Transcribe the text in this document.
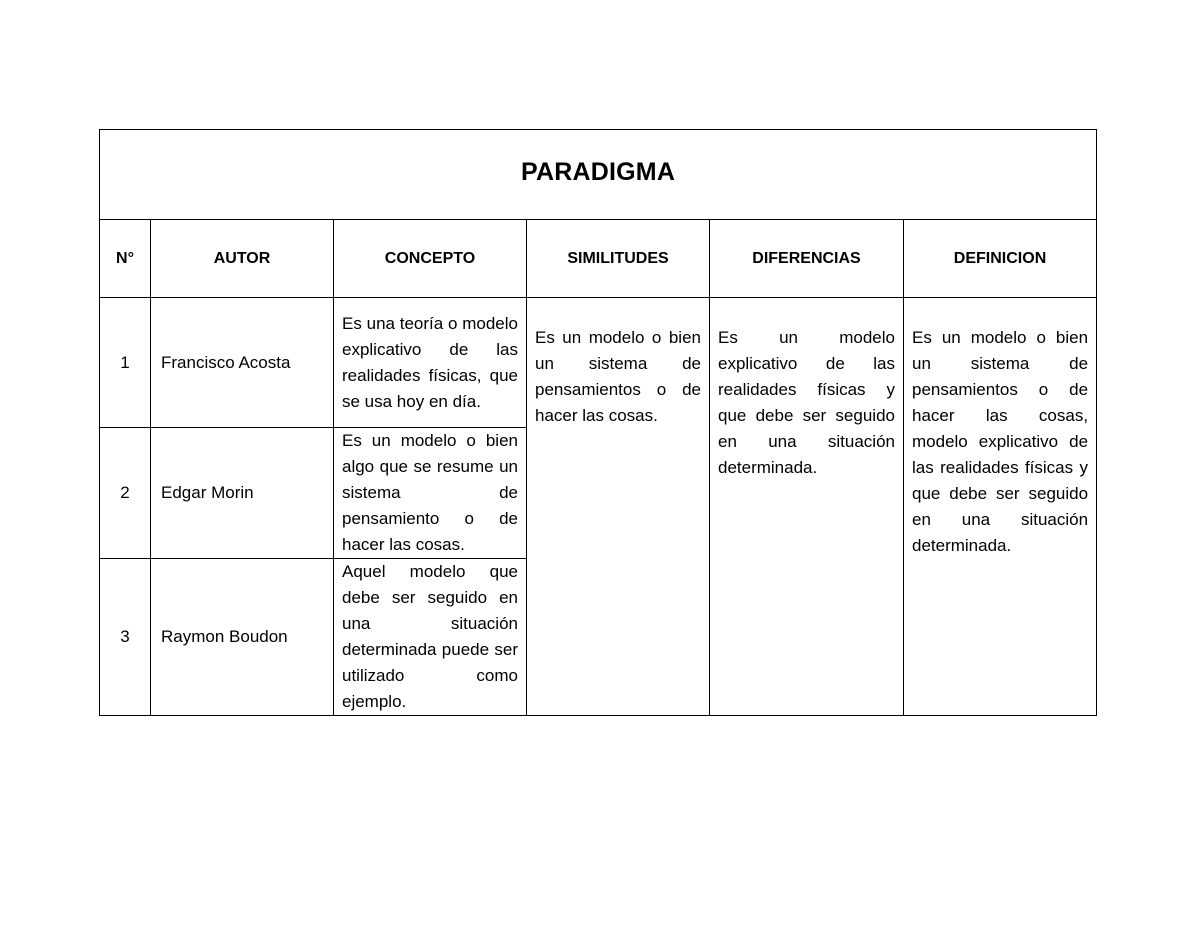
PARADIGMA					
N°	AUTOR	CONCEPTO	SIMILITUDES	DIFERENCIAS	DEFINICION
1	Francisco Acosta	Es una teoría o modelo explicativo de las realidades físicas, que se usa hoy en día.	Es un modelo o bien un sistema de pensamientos o de hacer las cosas.	Es un modelo explicativo de las realidades físicas y que debe ser seguido en una situación determinada.	Es un modelo o bien un sistema de pensamientos o de hacer las cosas, modelo explicativo de las realidades físicas y que debe ser seguido en una situación determinada.
2	Edgar Morin	Es un modelo o bien algo que se resume un sistema de pensamiento o de hacer las cosas.			
3	Raymon Boudon	Aquel modelo que debe ser seguido en una situación determinada puede ser utilizado como ejemplo.			
